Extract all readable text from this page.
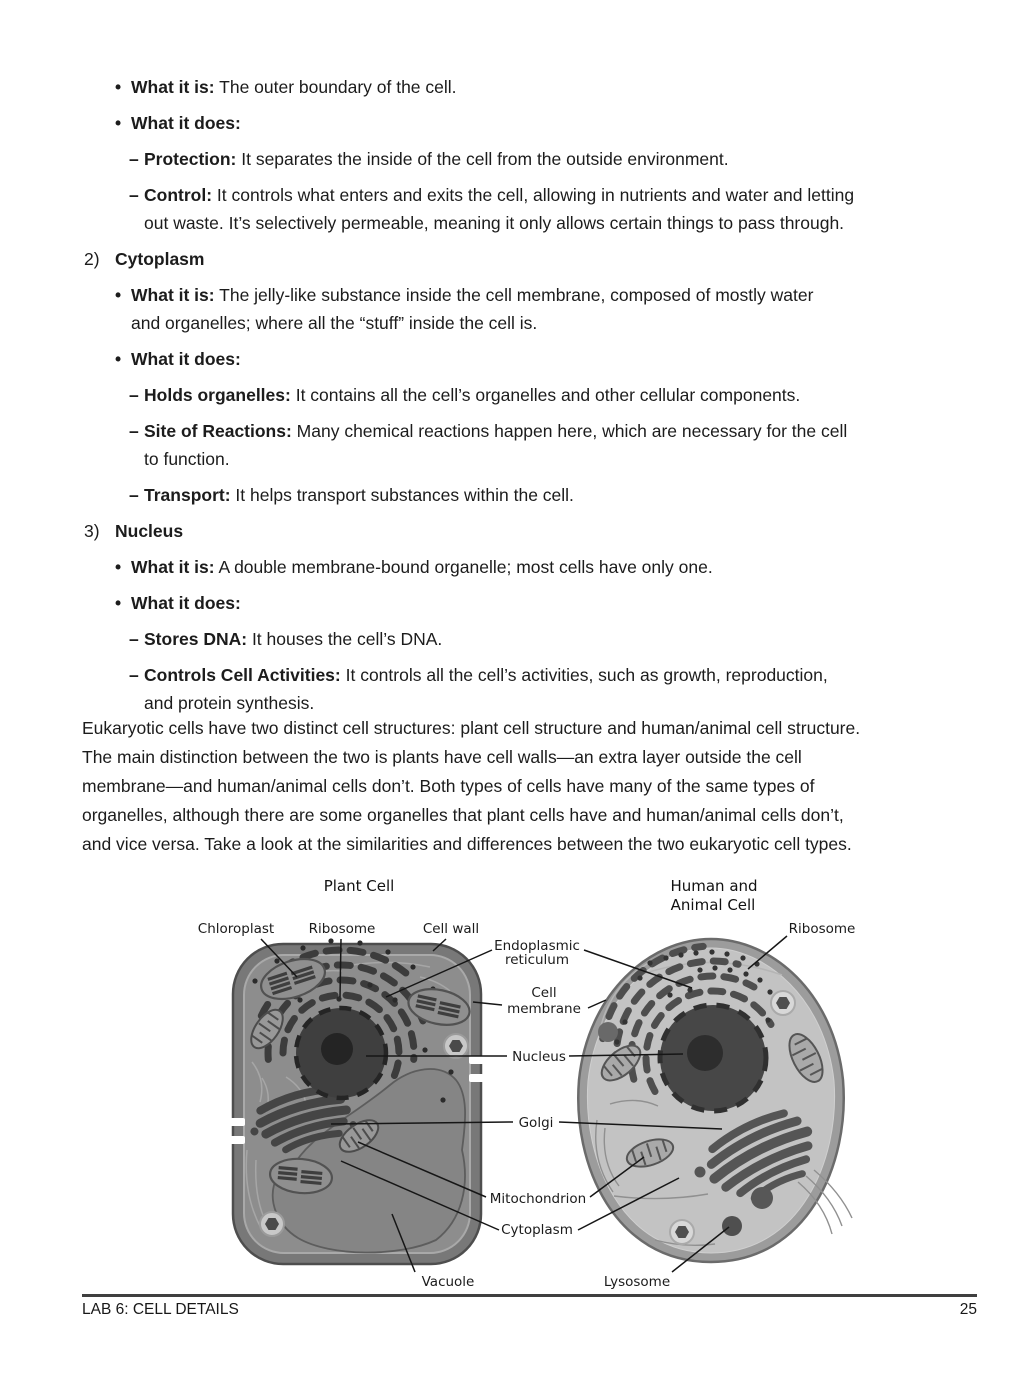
• What it is: The outer boundary of the cell.
• What it does:
– Protection: It separates the inside of the cell from the outside environment.
– Control: It controls what enters and exits the cell, allowing in nutrients and water and letting
out waste. It’s selectively permeable, meaning it only allows certain things to pass through.
2) Cytoplasm
• What it is: The jelly-like substance inside the cell membrane, composed of mostly water
and organelles; where all the “stuff” inside the cell is.
• What it does:
– Holds organelles: It contains all the cell’s organelles and other cellular components.
– Site of Reactions: Many chemical reactions happen here, which are necessary for the cell
to function.
– Transport: It helps transport substances within the cell.
3) Nucleus
• What it is: A double membrane-bound organelle; most cells have only one.
• What it does:
– Stores DNA: It houses the cell’s DNA.
– Controls Cell Activities: It controls all the cell’s activities, such as growth, reproduction,
and protein synthesis.
Eukaryotic cells have two distinct cell structures: plant cell structure and human/animal cell structure.
The main distinction between the two is plants have cell walls—an extra layer outside the cell
membrane—and human/animal cells don’t. Both types of cells have many of the same types of
organelles, although there are some organelles that plant cells have and human/animal cells don’t,
and vice versa. Take a look at the similarities and differences between the two eukaryotic cell types.
Plant Cell	Human and
Animal Cell
Chloroplast	Ribosome	Cell wall
Endoplasmic
reticulum
Cell
membrane
Nucleus
Golgi
Mitochondrion
Cytoplasm
Vacuole	Lysosome
Ribosome
LAB 6: CELL DETAILS	25
